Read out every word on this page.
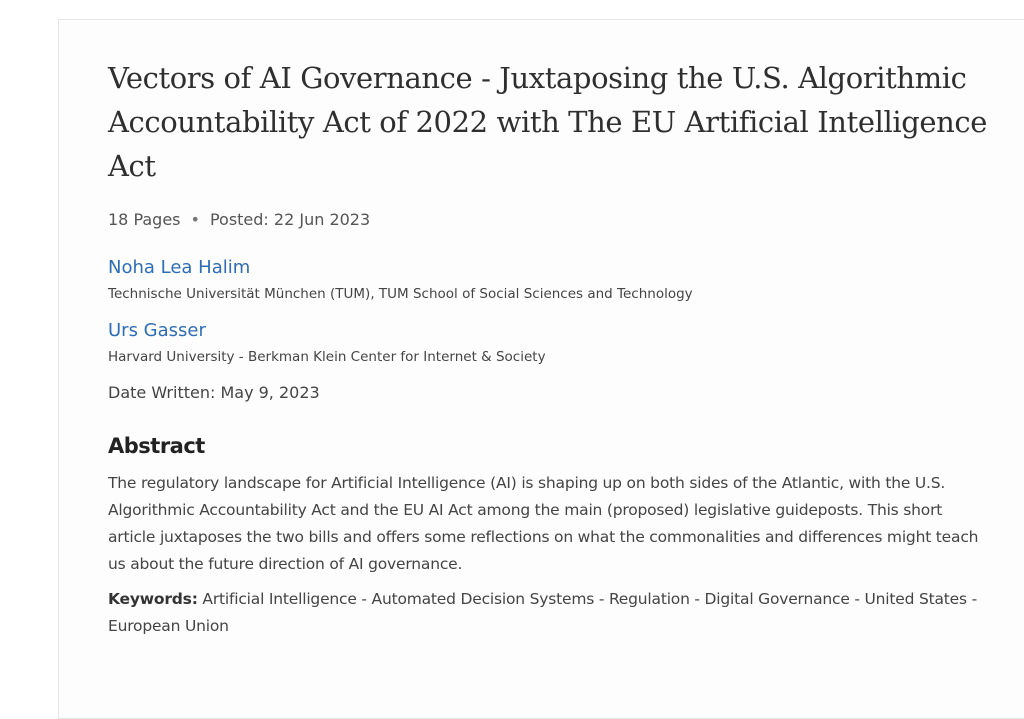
Vectors of AI Governance - Juxtaposing the U.S. Algorithmic Accountability Act of 2022 with The EU Artificial Intelligence Act
18 Pages • Posted: 22 Jun 2023
Noha Lea Halim
Technische Universität München (TUM), TUM School of Social Sciences and Technology
Urs Gasser
Harvard University - Berkman Klein Center for Internet & Society
Date Written: May 9, 2023
Abstract
The regulatory landscape for Artificial Intelligence (AI) is shaping up on both sides of the Atlantic, with the U.S. Algorithmic Accountability Act and the EU AI Act among the main (proposed) legislative guideposts. This short article juxtaposes the two bills and offers some reflections on what the commonalities and differences might teach us about the future direction of AI governance.
Keywords: Artificial Intelligence - Automated Decision Systems - Regulation - Digital Governance - United States - European Union
